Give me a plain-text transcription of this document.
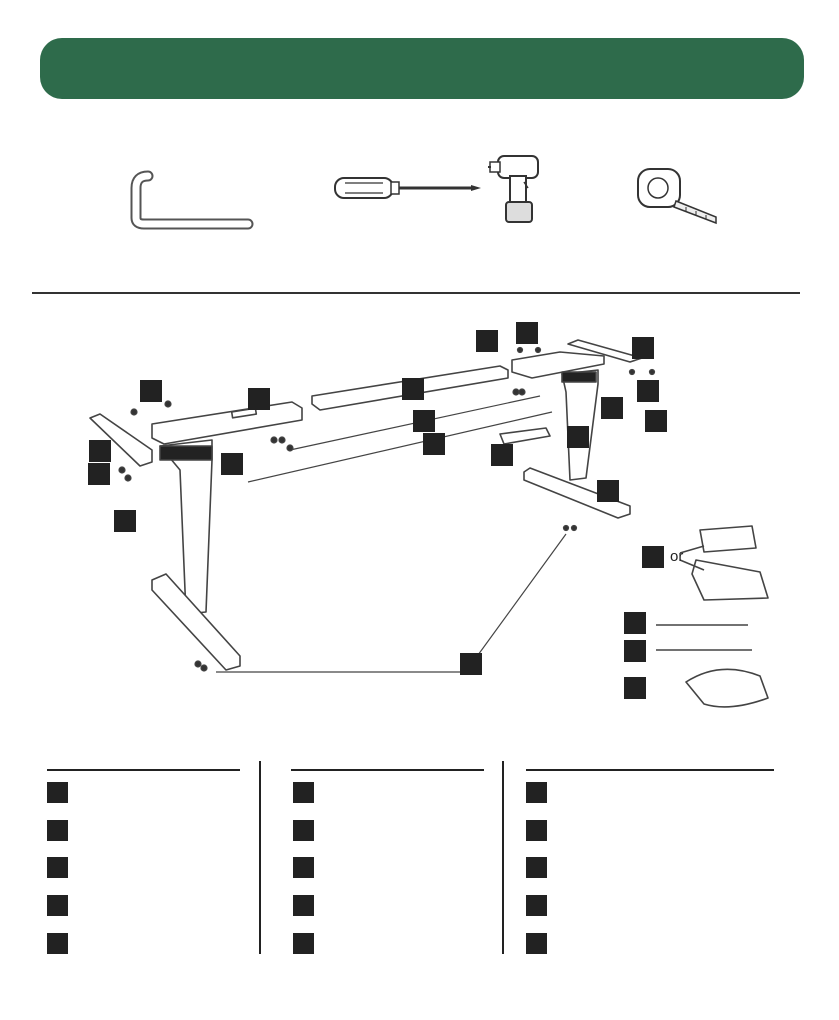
or
